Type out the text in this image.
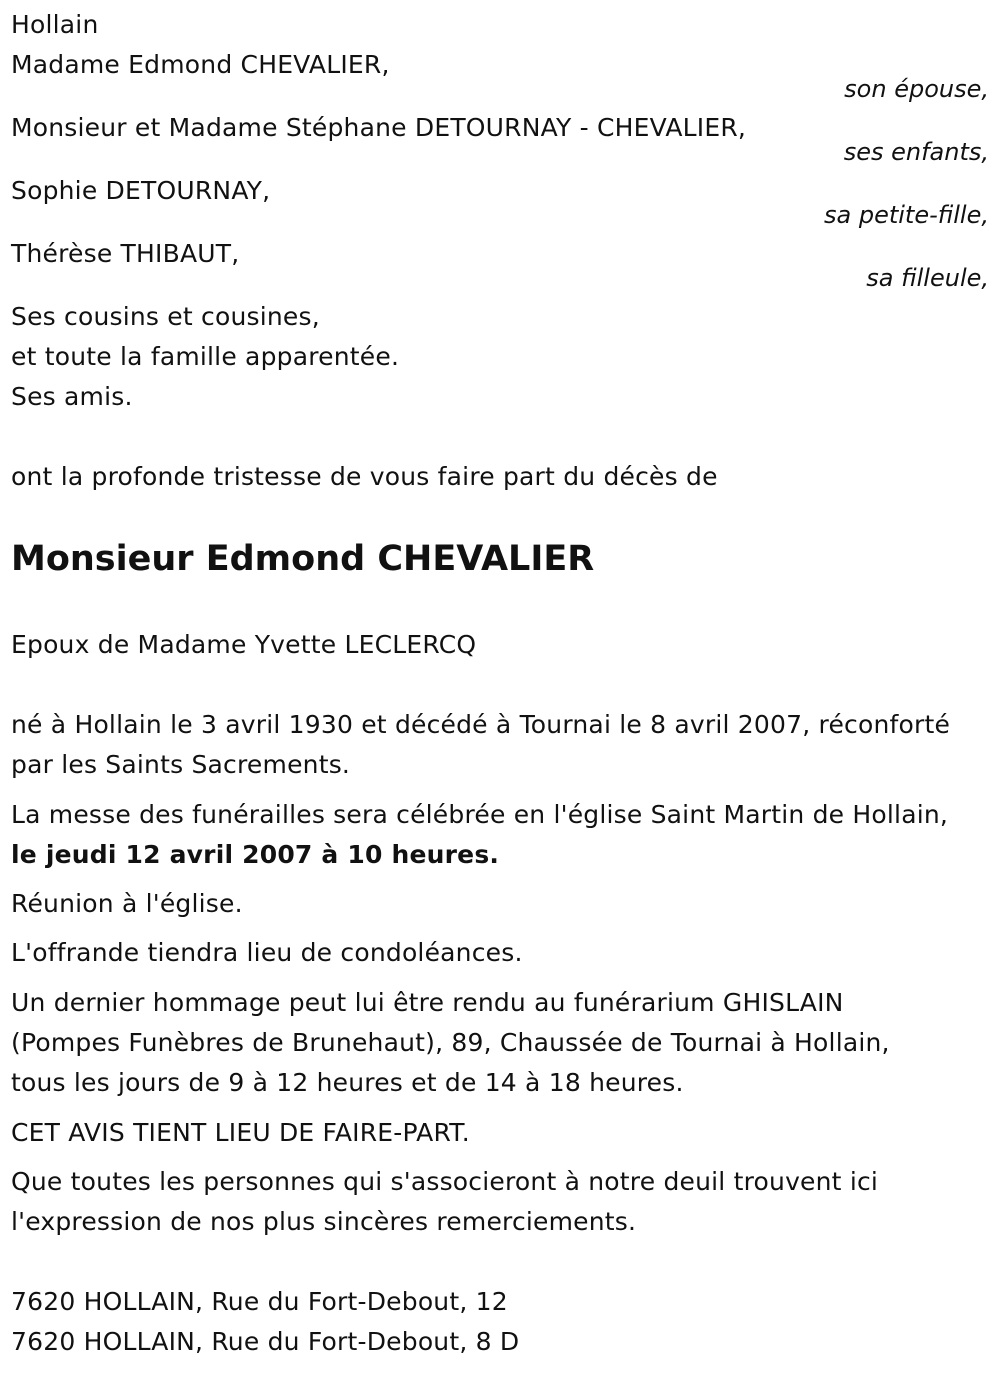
Hollain
Madame Edmond CHEVALIER,
son épouse,
Monsieur et Madame Stéphane DETOURNAY - CHEVALIER,
ses enfants,
Sophie DETOURNAY,
sa petite-fille,
Thérèse THIBAUT,
sa filleule,
Ses cousins et cousines,
et toute la famille apparentée.
Ses amis.
ont la profonde tristesse de vous faire part du décès de
Monsieur Edmond CHEVALIER
Epoux de Madame Yvette LECLERCQ
né à Hollain le 3 avril 1930 et décédé à Tournai le 8 avril 2007, réconforté
par les Saints Sacrements.
La messe des funérailles sera célébrée en l'église Saint Martin de Hollain,
le jeudi 12 avril 2007 à 10 heures.
Réunion à l'église.
L'offrande tiendra lieu de condoléances.
Un dernier hommage peut lui être rendu au funérarium GHISLAIN
(Pompes Funèbres de Brunehaut), 89, Chaussée de Tournai à Hollain,
tous les jours de 9 à 12 heures et de 14 à 18 heures.
CET AVIS TIENT LIEU DE FAIRE-PART.
Que toutes les personnes qui s'associeront à notre deuil trouvent ici
l'expression de nos plus sincères remerciements.
7620 HOLLAIN, Rue du Fort-Debout, 12
7620 HOLLAIN, Rue du Fort-Debout, 8 D
